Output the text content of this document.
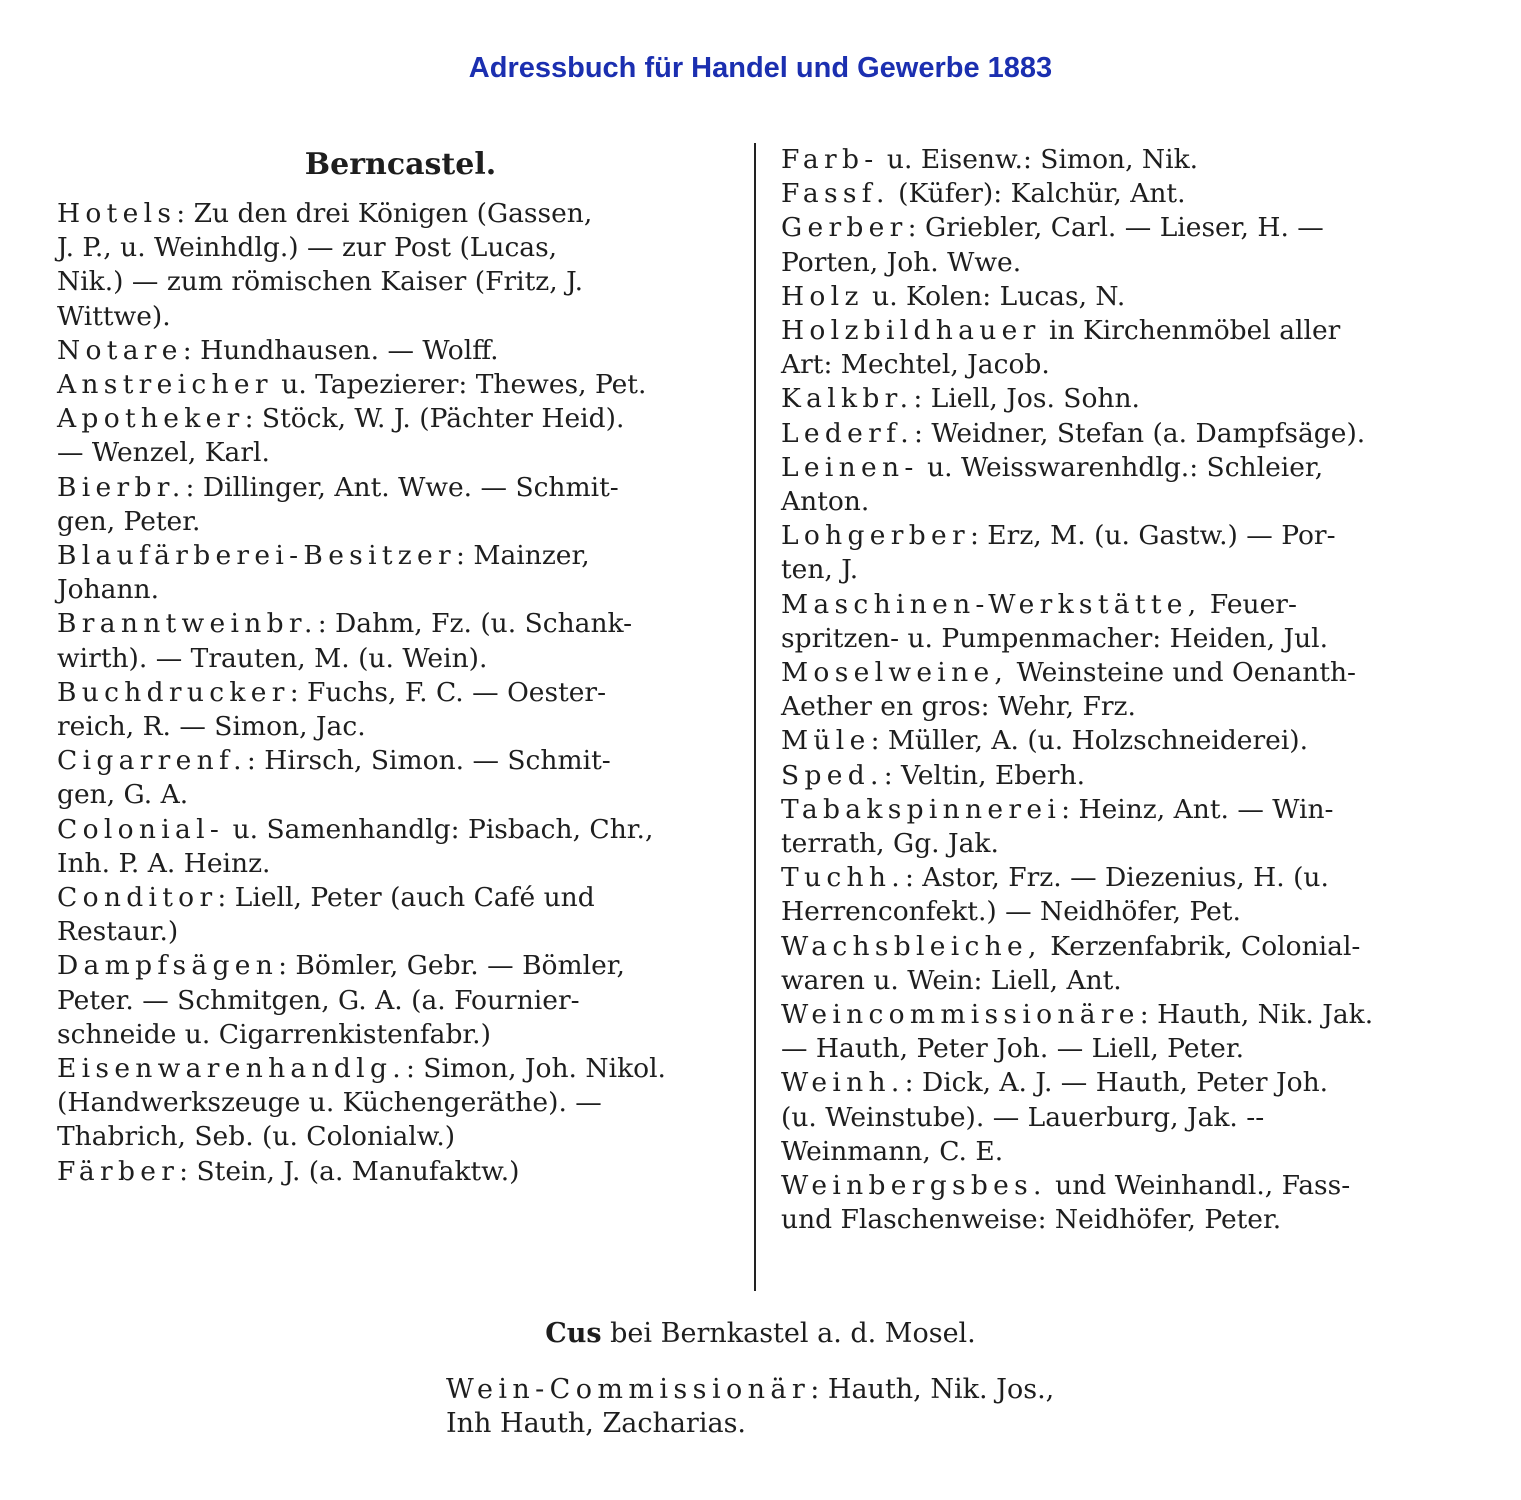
Adressbuch für Handel und Gewerbe 1883
Berncastel.
Hotels: Zu den drei Königen (Gassen,
J. P., u. Weinhdlg.) — zur Post (Lucas,
Nik.) — zum römischen Kaiser (Fritz, J.
Wittwe).
Notare: Hundhausen. — Wolff.
Anstreicher u. Tapezierer: Thewes, Pet.
Apotheker: Stöck, W. J. (Pächter Heid).
— Wenzel, Karl.
Bierbr.: Dillinger, Ant. Wwe. — Schmit-
gen, Peter.
Blaufärberei-Besitzer: Mainzer,
Johann.
Branntweinbr.: Dahm, Fz. (u. Schank-
wirth). — Trauten, M. (u. Wein).
Buchdrucker: Fuchs, F. C. — Oester-
reich, R. — Simon, Jac.
Cigarrenf.: Hirsch, Simon. — Schmit-
gen, G. A.
Colonial- u. Samenhandlg: Pisbach, Chr.,
Inh. P. A. Heinz.
Conditor: Liell, Peter (auch Café und
Restaur.)
Dampfsägen: Bömler, Gebr. — Bömler,
Peter. — Schmitgen, G. A. (a. Fournier-
schneide u. Cigarrenkistenfabr.)
Eisenwarenhandlg.: Simon, Joh. Nikol.
(Handwerkszeuge u. Küchengeräthe). —
Thabrich, Seb. (u. Colonialw.)
Färber: Stein, J. (a. Manufaktw.)
Farb- u. Eisenw.: Simon, Nik.
Fassf. (Küfer): Kalchür, Ant.
Gerber: Griebler, Carl. — Lieser, H. —
Porten, Joh. Wwe.
Holz u. Kolen: Lucas, N.
Holzbildhauer in Kirchenmöbel aller
Art: Mechtel, Jacob.
Kalkbr.: Liell, Jos. Sohn.
Lederf.: Weidner, Stefan (a. Dampfsäge).
Leinen- u. Weisswarenhdlg.: Schleier,
Anton.
Lohgerber: Erz, M. (u. Gastw.) — Por-
ten, J.
Maschinen-Werkstätte, Feuer-
spritzen- u. Pumpenmacher: Heiden, Jul.
Moselweine, Weinsteine und Oenanth-
Aether en gros: Wehr, Frz.
Müle: Müller, A. (u. Holzschneiderei).
Sped.: Veltin, Eberh.
Tabakspinnerei: Heinz, Ant. — Win-
terrath, Gg. Jak.
Tuchh.: Astor, Frz. — Diezenius, H. (u.
Herrenconfekt.) — Neidhöfer, Pet.
Wachsbleiche, Kerzenfabrik, Colonial-
waren u. Wein: Liell, Ant.
Weincommissionäre: Hauth, Nik. Jak.
— Hauth, Peter Joh. — Liell, Peter.
Weinh.: Dick, A. J. — Hauth, Peter Joh.
(u. Weinstube). — Lauerburg, Jak. --
Weinmann, C. E.
Weinbergsbes. und Weinhandl., Fass-
und Flaschenweise: Neidhöfer, Peter.
Cus bei Bernkastel a. d. Mosel.
Wein-Commissionär: Hauth, Nik. Jos.,
Inh Hauth, Zacharias.
